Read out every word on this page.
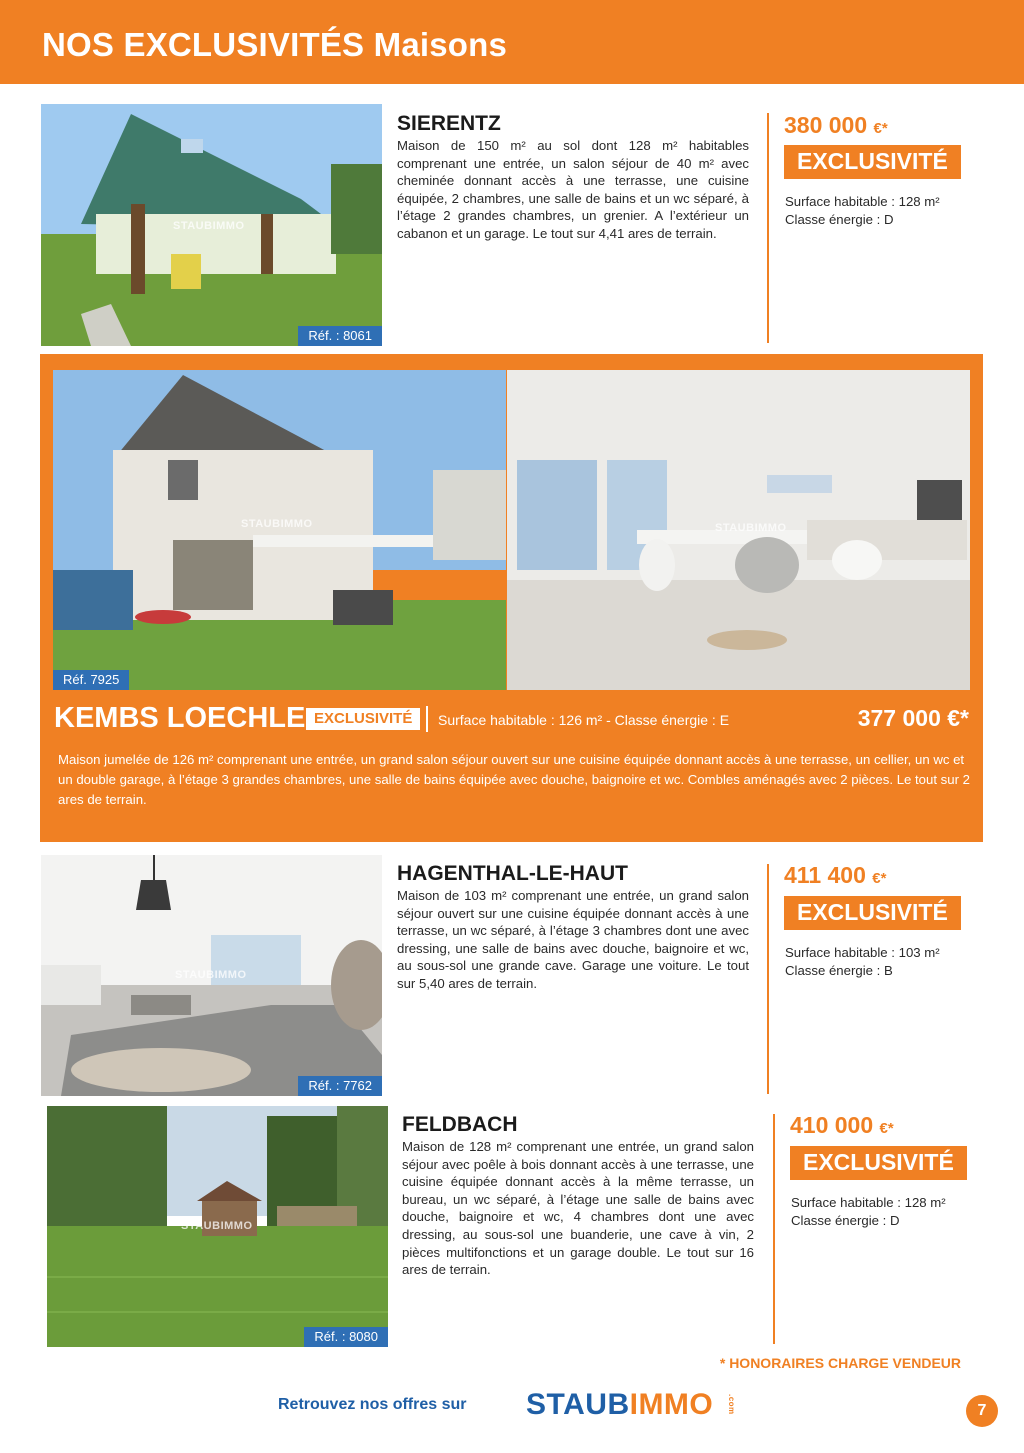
NOS EXCLUSIVITÉS Maisons
STAUBIMMO
Réf. : 8061
SIERENTZ
Maison de 150 m² au sol dont 128 m² habitables comprenant une entrée, un salon séjour de 40 m² avec cheminée donnant accès à une terrasse, une cuisine équipée, 2 chambres, une salle de bains et un wc séparé, à l’étage 2 grandes chambres, un grenier. A l’extérieur un cabanon et un garage. Le tout sur 4,41 ares de terrain.
380 000 €*
EXCLUSIVITÉ
Surface habitable : 128 m²
Classe énergie : D
STAUBIMMO
Réf. 7925
STAUBIMMO
KEMBS LOECHLE EXCLUSIVITÉ	Surface habitable : 126 m² - Classe énergie : E	377 000 €*
Maison jumelée de 126 m² comprenant une entrée, un grand salon séjour ouvert sur une cuisine équipée donnant accès à une terrasse, un cellier, un wc et un double garage, à l’étage 3 grandes chambres, une salle de bains équipée avec douche, baignoire et wc. Combles aménagés avec 2 pièces. Le tout sur 2 ares de terrain.
STAUBIMMO
Réf. : 7762
HAGENTHAL-LE-HAUT
Maison de 103 m² comprenant une entrée, un grand salon séjour ouvert sur une cuisine équipée donnant accès à une terrasse, un wc séparé, à l’étage 3 chambres dont une avec dressing, une salle de bains avec douche, baignoire et wc, au sous-sol une grande cave. Garage une voiture. Le tout sur 5,40 ares de terrain.
411 400 €*
EXCLUSIVITÉ
Surface habitable : 103 m²
Classe énergie : B
STAUBIMMO
Réf. : 8080
FELDBACH
Maison de 128 m² comprenant une entrée, un grand salon séjour avec poêle à bois donnant accès à une terrasse, une cuisine équipée donnant accès à la même terrasse, un bureau, un wc séparé, à l’étage une salle de bains avec douche, baignoire et wc, 4 chambres dont une avec dressing, au sous-sol une buanderie, une cave à vin, 2 pièces multifonctions et un garage double. Le tout sur 16 ares de terrain.
410 000 €*
EXCLUSIVITÉ
Surface habitable : 128 m²
Classe énergie : D
* HONORAIRES CHARGE VENDEUR
Retrouvez nos offres sur STAUBIMMO .com	7
